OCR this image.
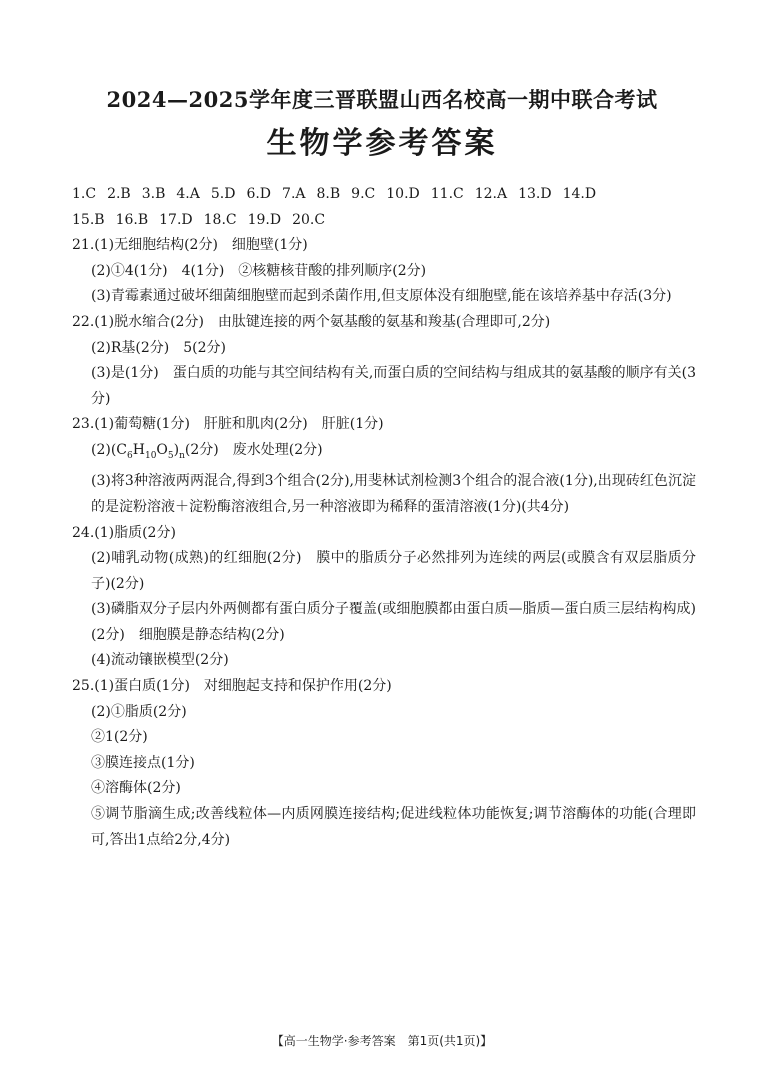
2024—2025学年度三晋联盟山西名校高一期中联合考试
生物学参考答案
1.C 2.B 3.B 4.A 5.D 6.D 7.A 8.B 9.C 10.D 11.C 12.A 13.D 14.D
15.B 16.B 17.D 18.C 19.D 20.C
21.(1)无细胞结构(2分)　细胞壁(1分)
(2)①4(1分)　4(1分)　②核糖核苷酸的排列顺序(2分)
(3)青霉素通过破坏细菌细胞壁而起到杀菌作用,但支原体没有细胞壁,能在该培养基中存活(3分)
22.(1)脱水缩合(2分)　由肽键连接的两个氨基酸的氨基和羧基(合理即可,2分)
(2)R基(2分)　5(2分)
(3)是(1分)　蛋白质的功能与其空间结构有关,而蛋白质的空间结构与组成其的氨基酸的顺序有关(3分)
23.(1)葡萄糖(1分)　肝脏和肌肉(2分)　肝脏(1分)
$(2)(C_6H_{10}O_5)_n(2$分)　废水处理(2分)
(3)将3种溶液两两混合,得到3个组合(2分),用斐林试剂检测3个组合的混合液(1分),出现砖红色沉淀的是淀粉溶液＋淀粉酶溶液组合,另一种溶液即为稀释的蛋清溶液(1分)(共4分)
24.(1)脂质(2分)
(2)哺乳动物(成熟)的红细胞(2分)　膜中的脂质分子必然排列为连续的两层(或膜含有双层脂质分子)(2分)
(3)磷脂双分子层内外两侧都有蛋白质分子覆盖(或细胞膜都由蛋白质—脂质—蛋白质三层结构构成)(2分)　细胞膜是静态结构(2分)
(4)流动镶嵌模型(2分)
25.(1)蛋白质(1分)　对细胞起支持和保护作用(2分)
(2)①脂质(2分)
②1(2分)
③膜连接点(1分)
④溶酶体(2分)
⑤调节脂滴生成;改善线粒体—内质网膜连接结构;促进线粒体功能恢复;调节溶酶体的功能(合理即可,答出1点给2分,4分)
【高一生物学·参考答案　第1页(共1页)】
